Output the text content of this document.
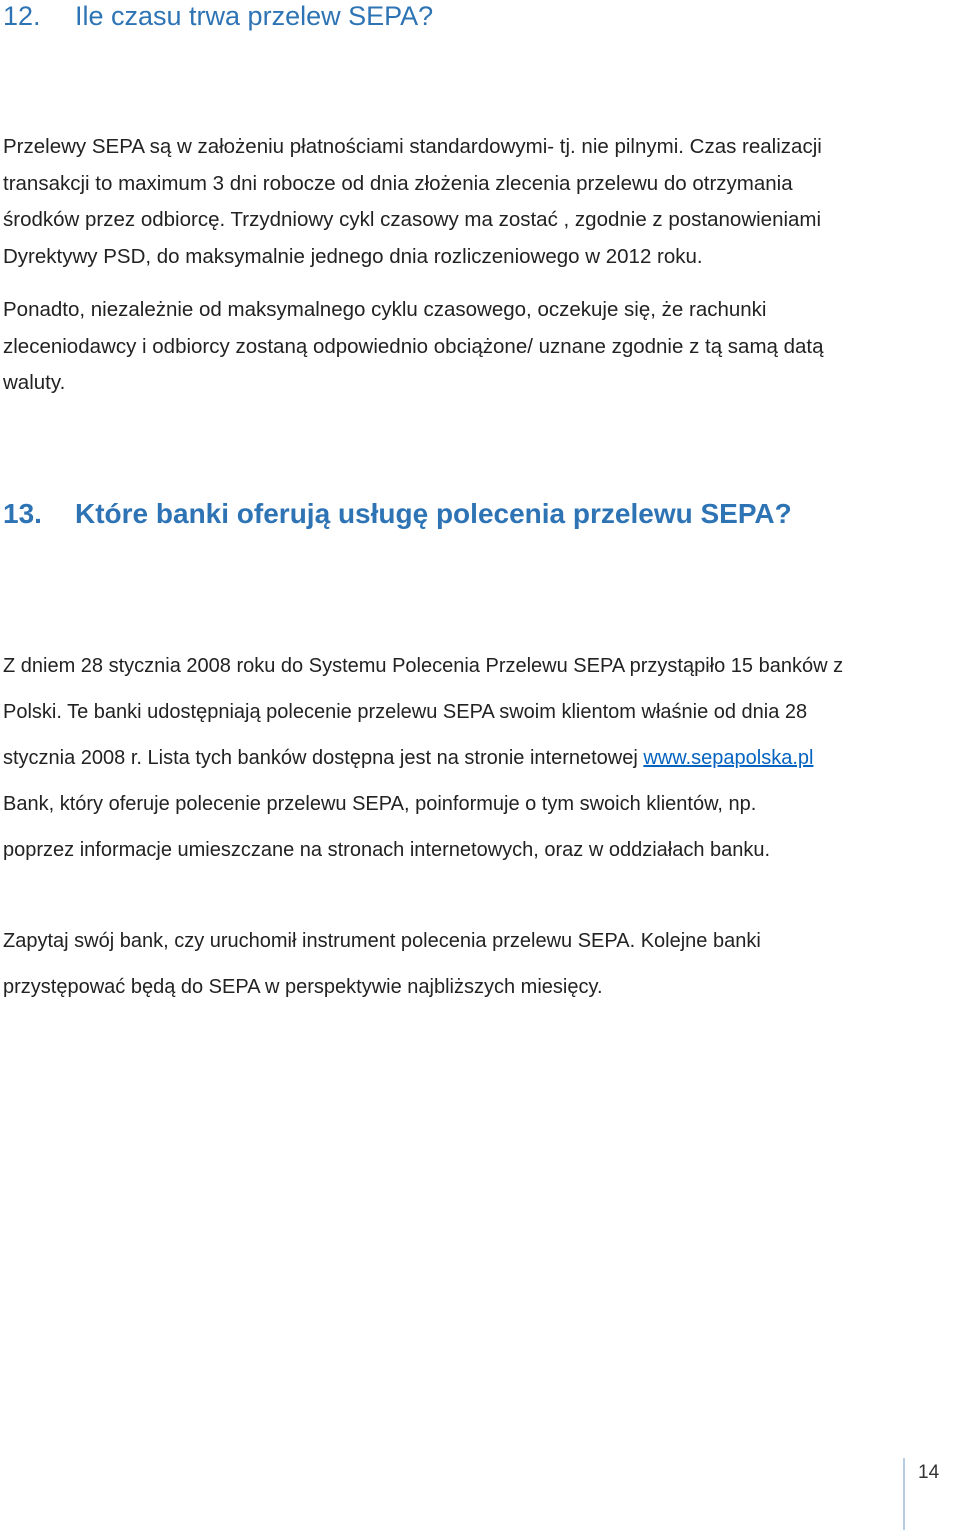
12. Ile czasu trwa przelew SEPA?

Przelewy SEPA są w założeniu płatnościami standardowymi- tj. nie pilnymi. Czas realizacji
transakcji to maximum 3 dni robocze od dnia złożenia zlecenia przelewu do otrzymania
środków przez odbiorcę. Trzydniowy cykl czasowy ma zostać , zgodnie z postanowieniami
Dyrektywy PSD, do maksymalnie jednego dnia rozliczeniowego w 2012 roku.

Ponadto, niezależnie od maksymalnego cyklu czasowego, oczekuje się, że rachunki
zleceniodawcy i odbiorcy zostaną odpowiednio obciążone/ uznane zgodnie z tą samą datą
waluty.

13. Które banki oferują usługę polecenia przelewu SEPA?

Z dniem 28 stycznia 2008 roku do Systemu Polecenia Przelewu SEPA przystąpiło 15 banków z
Polski. Te banki udostępniają polecenie przelewu SEPA swoim klientom właśnie od dnia 28
stycznia 2008 r. Lista tych banków dostępna jest na stronie internetowej www.sepapolska.pl
Bank, który oferuje polecenie przelewu SEPA, poinformuje o tym swoich klientów, np.
poprzez informacje umieszczane na stronach internetowych, oraz w oddziałach banku.

Zapytaj swój bank, czy uruchomił instrument polecenia przelewu SEPA. Kolejne banki
przystępować będą do SEPA w perspektywie najbliższych miesięcy.

14
